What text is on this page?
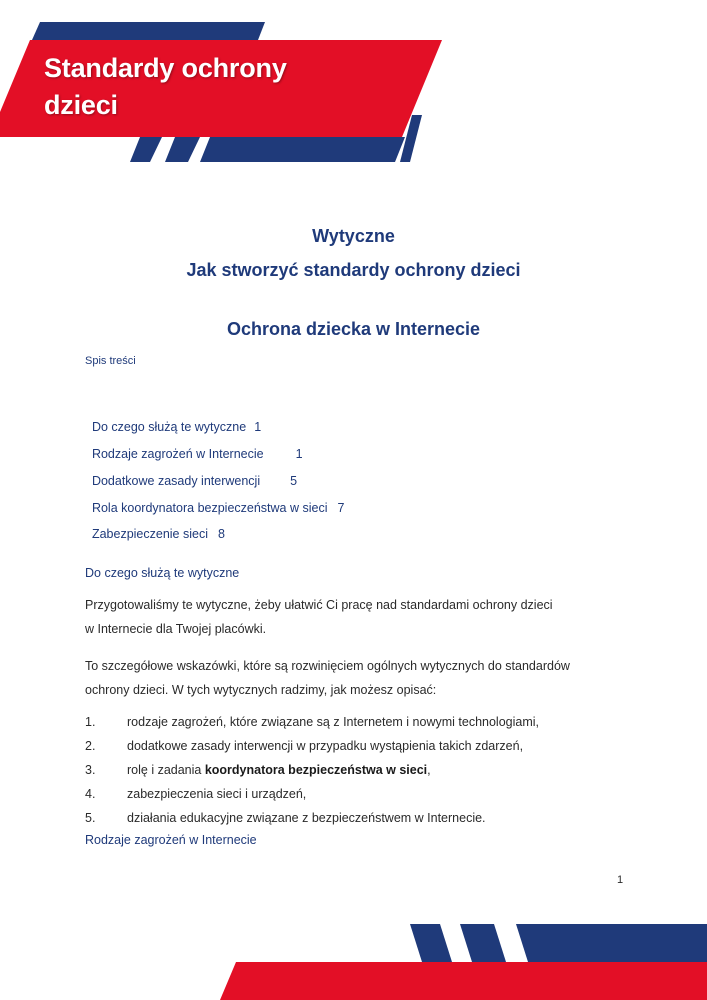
Standardy ochrony
dzieci
Wytyczne
Jak stworzyć standardy ochrony dzieci
Ochrona dziecka w Internecie
Spis treści

Do czego służą te wytyczne 1

Rodzaje zagrożeń w Internecie	1

Dodatkowe zasady interwencji 5

Rola koordynatora bezpieczeństwa w sieci 7

Zabezpieczenie sieci 8

Do czego służą te wytyczne
Przygotowaliśmy te wytyczne, żeby ułatwić Ci pracę nad standardami ochrony dzieci
w Internecie dla Twojej placówki.
To szczegółowe wskazówki, które są rozwinięciem ogólnych wytycznych do standardów
ochrony dzieci. W tych wytycznych radzimy, jak możesz opisać:
1.	rodzaje zagrożeń, które związane są z Internetem i nowymi technologiami,
2.	dodatkowe zasady interwencji w przypadku wystąpienia takich zdarzeń,
3.	rolę i zadania koordynatora bezpieczeństwa w sieci,
4.	zabezpieczenia sieci i urządzeń,
5.	działania edukacyjne związane z bezpieczeństwem w Internecie.
Rodzaje zagrożeń w Internecie
1
